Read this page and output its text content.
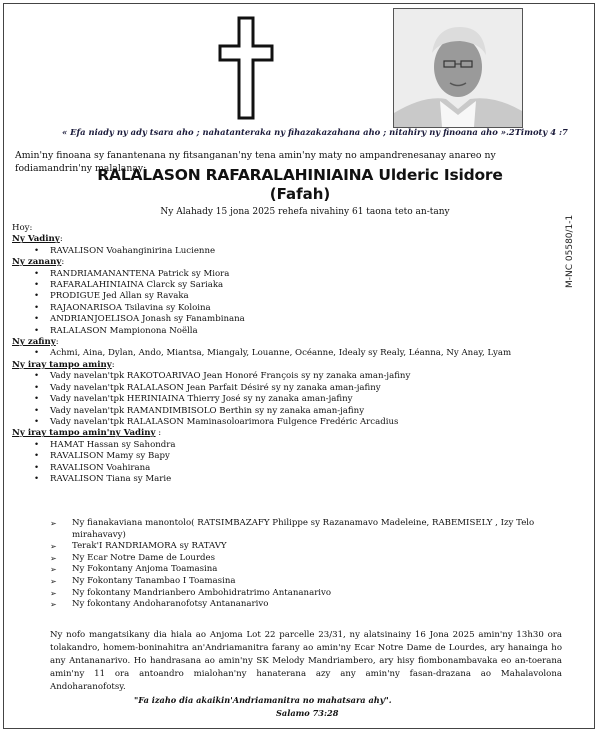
« Efa niady ny ady tsara aho ; nahatanteraka ny fihazakazahana aho ; nitahiry ny finoana aho ».2Timoty 4 :7
Amin'ny finoana sy fanantenana ny fitsanganan'ny tena amin'ny maty no ampandrenesanay anareo ny fodiamandrin'ny malalanay:
RALALASON RAFARALAHINIAINA Ulderic Isidore
(Fafah)
Ny Alahady 15 jona 2025 rehefa nivahiny 61 taona teto an-tany
Hoy:
Ny Vadiny:
• RAVALISON Voahanginirina Lucienne
Ny zanany:
• RANDRIAMANANTENA Patrick sy Miora
• RAFARALAHINIAINA Clarck sy Sariaka
• PRODIGUE Jed Allan sy Ravaka
• RAJAONARISOA Tsilavina sy Koloina
• ANDRIANJOELISOA Jonash sy Fanambinana
• RALALASON Mampionona Noëlla
Ny zafiny:
• Achmi, Aina, Dylan, Ando, Miantsa, Miangaly, Louanne, Océanne, Idealy sy Realy, Léanna, Ny Anay, Lyam
Ny iray tampo aminy:
• Vady navelan'tpk RAKOTOARIVAO Jean Honoré François sy ny zanaka aman-jafiny
• Vady navelan'tpk RALALASON Jean Parfait Désiré sy ny zanaka aman-jafiny
• Vady navelan'tpk HERINIAINA Thierry José sy ny zanaka aman-jafiny
• Vady navelan'tpk RAMANDIMBISOLO Berthin sy ny zanaka aman-jafiny
• Vady navelan'tpk RALALASON Maminasoloarimora Fulgence Fredéric Arcadius
Ny iray tampo amin'ny Vadiny :
• HAMAT Hassan sy Sahondra
• RAVALISON Mamy sy Bapy
• RAVALISON Voahirana
• RAVALISON Tiana sy Marie
➢ Ny fianakaviana manontolo( RATSIMBAZAFY Philippe sy Razanamavo Madeleine, RABEMISELY , Izy Telo mirahavavy)
➢ Terak'I RANDRIAMORA sy RATAVY
➢ Ny Ecar Notre Dame de Lourdes
➢ Ny Fokontany Anjoma Toamasina
➢ Ny Fokontany Tanambao I Toamasina
➢ Ny fokontany Mandrianbero Ambohidratrimo Antananarivo
➢ Ny fokontany Andoharanofotsy Antananarivo
Ny nofo mangatsikany dia hiala ao Anjoma Lot 22 parcelle 23/31, ny alatsinainy 16 Jona 2025 amin'ny 13h30 ora tolakandro, homem-boninahitra an'Andriamanitra farany ao amin'ny Ecar Notre Dame de Lourdes, ary hanainga ho any Antananarivo. Ho handrasana ao amin'ny SK Melody Mandriambero, ary hisy fiombonambavaka eo an-toerana amin'ny 11 ora antoandro mialohan'ny hanaterana azy any amin'ny fasan-drazana ao Mahalavolona Andoharanofotsy.
"Fa izaho dia akaikin'Andriamanitra no mahatsara ahy".
Salamo 73:28
M-NC 05580/1-1
